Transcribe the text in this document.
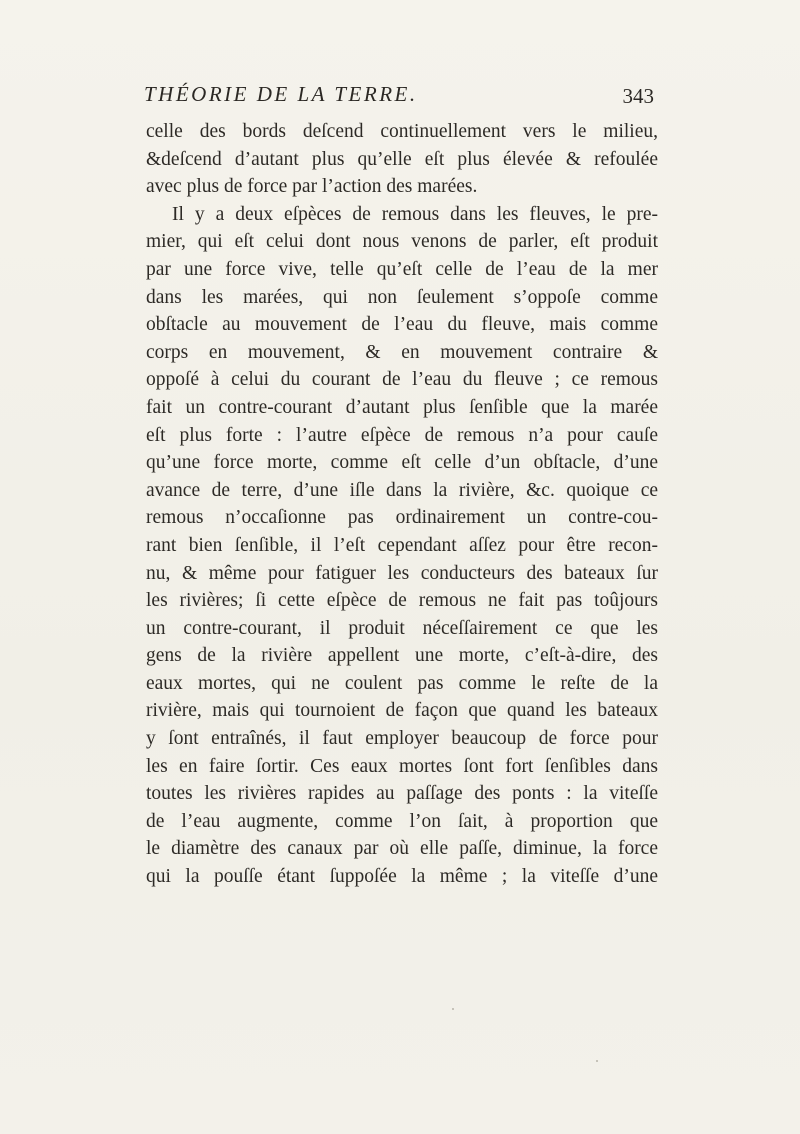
THÉORIE DE LA TERRE.	343
celle des bords deſcend continuellement vers le milieu,
&deſcend d’autant plus qu’elle eſt plus élevée & refoulée
avec plus de force par l’action des marées.
Il y a deux eſpèces de remous dans les fleuves, le pre-
mier, qui eſt celui dont nous venons de parler, eſt produit
par une force vive, telle qu’eſt celle de l’eau de la mer
dans les marées, qui non ſeulement s’oppoſe comme
obſtacle au mouvement de l’eau du fleuve, mais comme
corps en mouvement, & en mouvement contraire &
oppoſé à celui du courant de l’eau du fleuve ; ce remous
fait un contre-courant d’autant plus ſenſible que la marée
eſt plus forte : l’autre eſpèce de remous n’a pour cauſe
qu’une force morte, comme eſt celle d’un obſtacle, d’une
avance de terre, d’une iſle dans la rivière, &c. quoique ce
remous n’occaſionne pas ordinairement un contre-cou-
rant bien ſenſible, il l’eſt cependant aſſez pour être recon-
nu, & même pour fatiguer les conducteurs des bateaux ſur
les rivières; ſi cette eſpèce de remous ne fait pas toûjours
un contre-courant, il produit néceſſairement ce que les
gens de la rivière appellent une morte, c’eſt-à-dire, des
eaux mortes, qui ne coulent pas comme le reſte de la
rivière, mais qui tournoient de façon que quand les bateaux
y ſont entraînés, il faut employer beaucoup de force pour
les en faire ſortir. Ces eaux mortes ſont fort ſenſibles dans
toutes les rivières rapides au paſſage des ponts : la viteſſe
de l’eau augmente, comme l’on ſait, à proportion que
le diamètre des canaux par où elle paſſe, diminue, la force
qui la pouſſe étant ſuppoſée la même ; la viteſſe d’une
